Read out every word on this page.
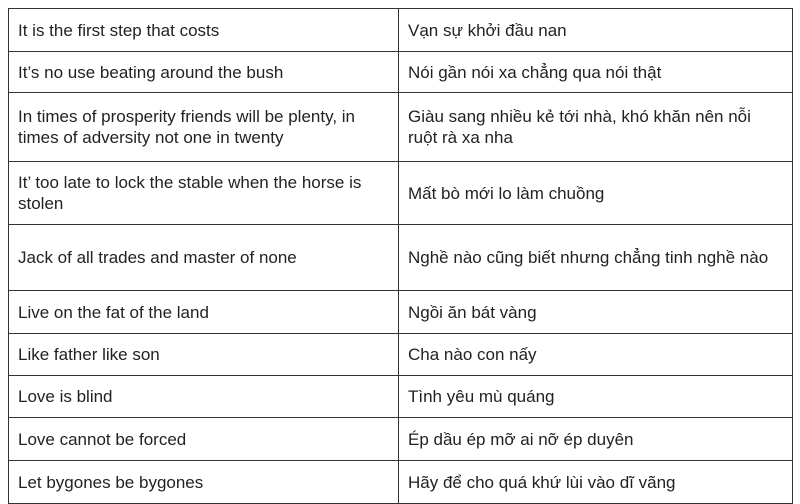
It is the first step that costs	Vạn sự khởi đầu nan
It’s no use beating around the bush	Nói gần nói xa chẳng qua nói thật
In times of prosperity friends will be plenty, in times of adversity not one in twenty	Giàu sang nhiều kẻ tới nhà, khó khăn nên nỗi ruột rà xa nha
It’ too late to lock the stable when the horse is stolen	Mất bò mới lo làm chuồng
Jack of all trades and master of none	Nghề nào cũng biết nhưng chẳng tinh nghề nào
Live on the fat of the land	Ngồi ăn bát vàng
Like father like son	Cha nào con nấy
Love is blind	Tình yêu mù quáng
Love cannot be forced	Ép dầu ép mỡ ai nỡ ép duyên
Let bygones be bygones	Hãy để cho quá khứ lùi vào dĩ vãng
